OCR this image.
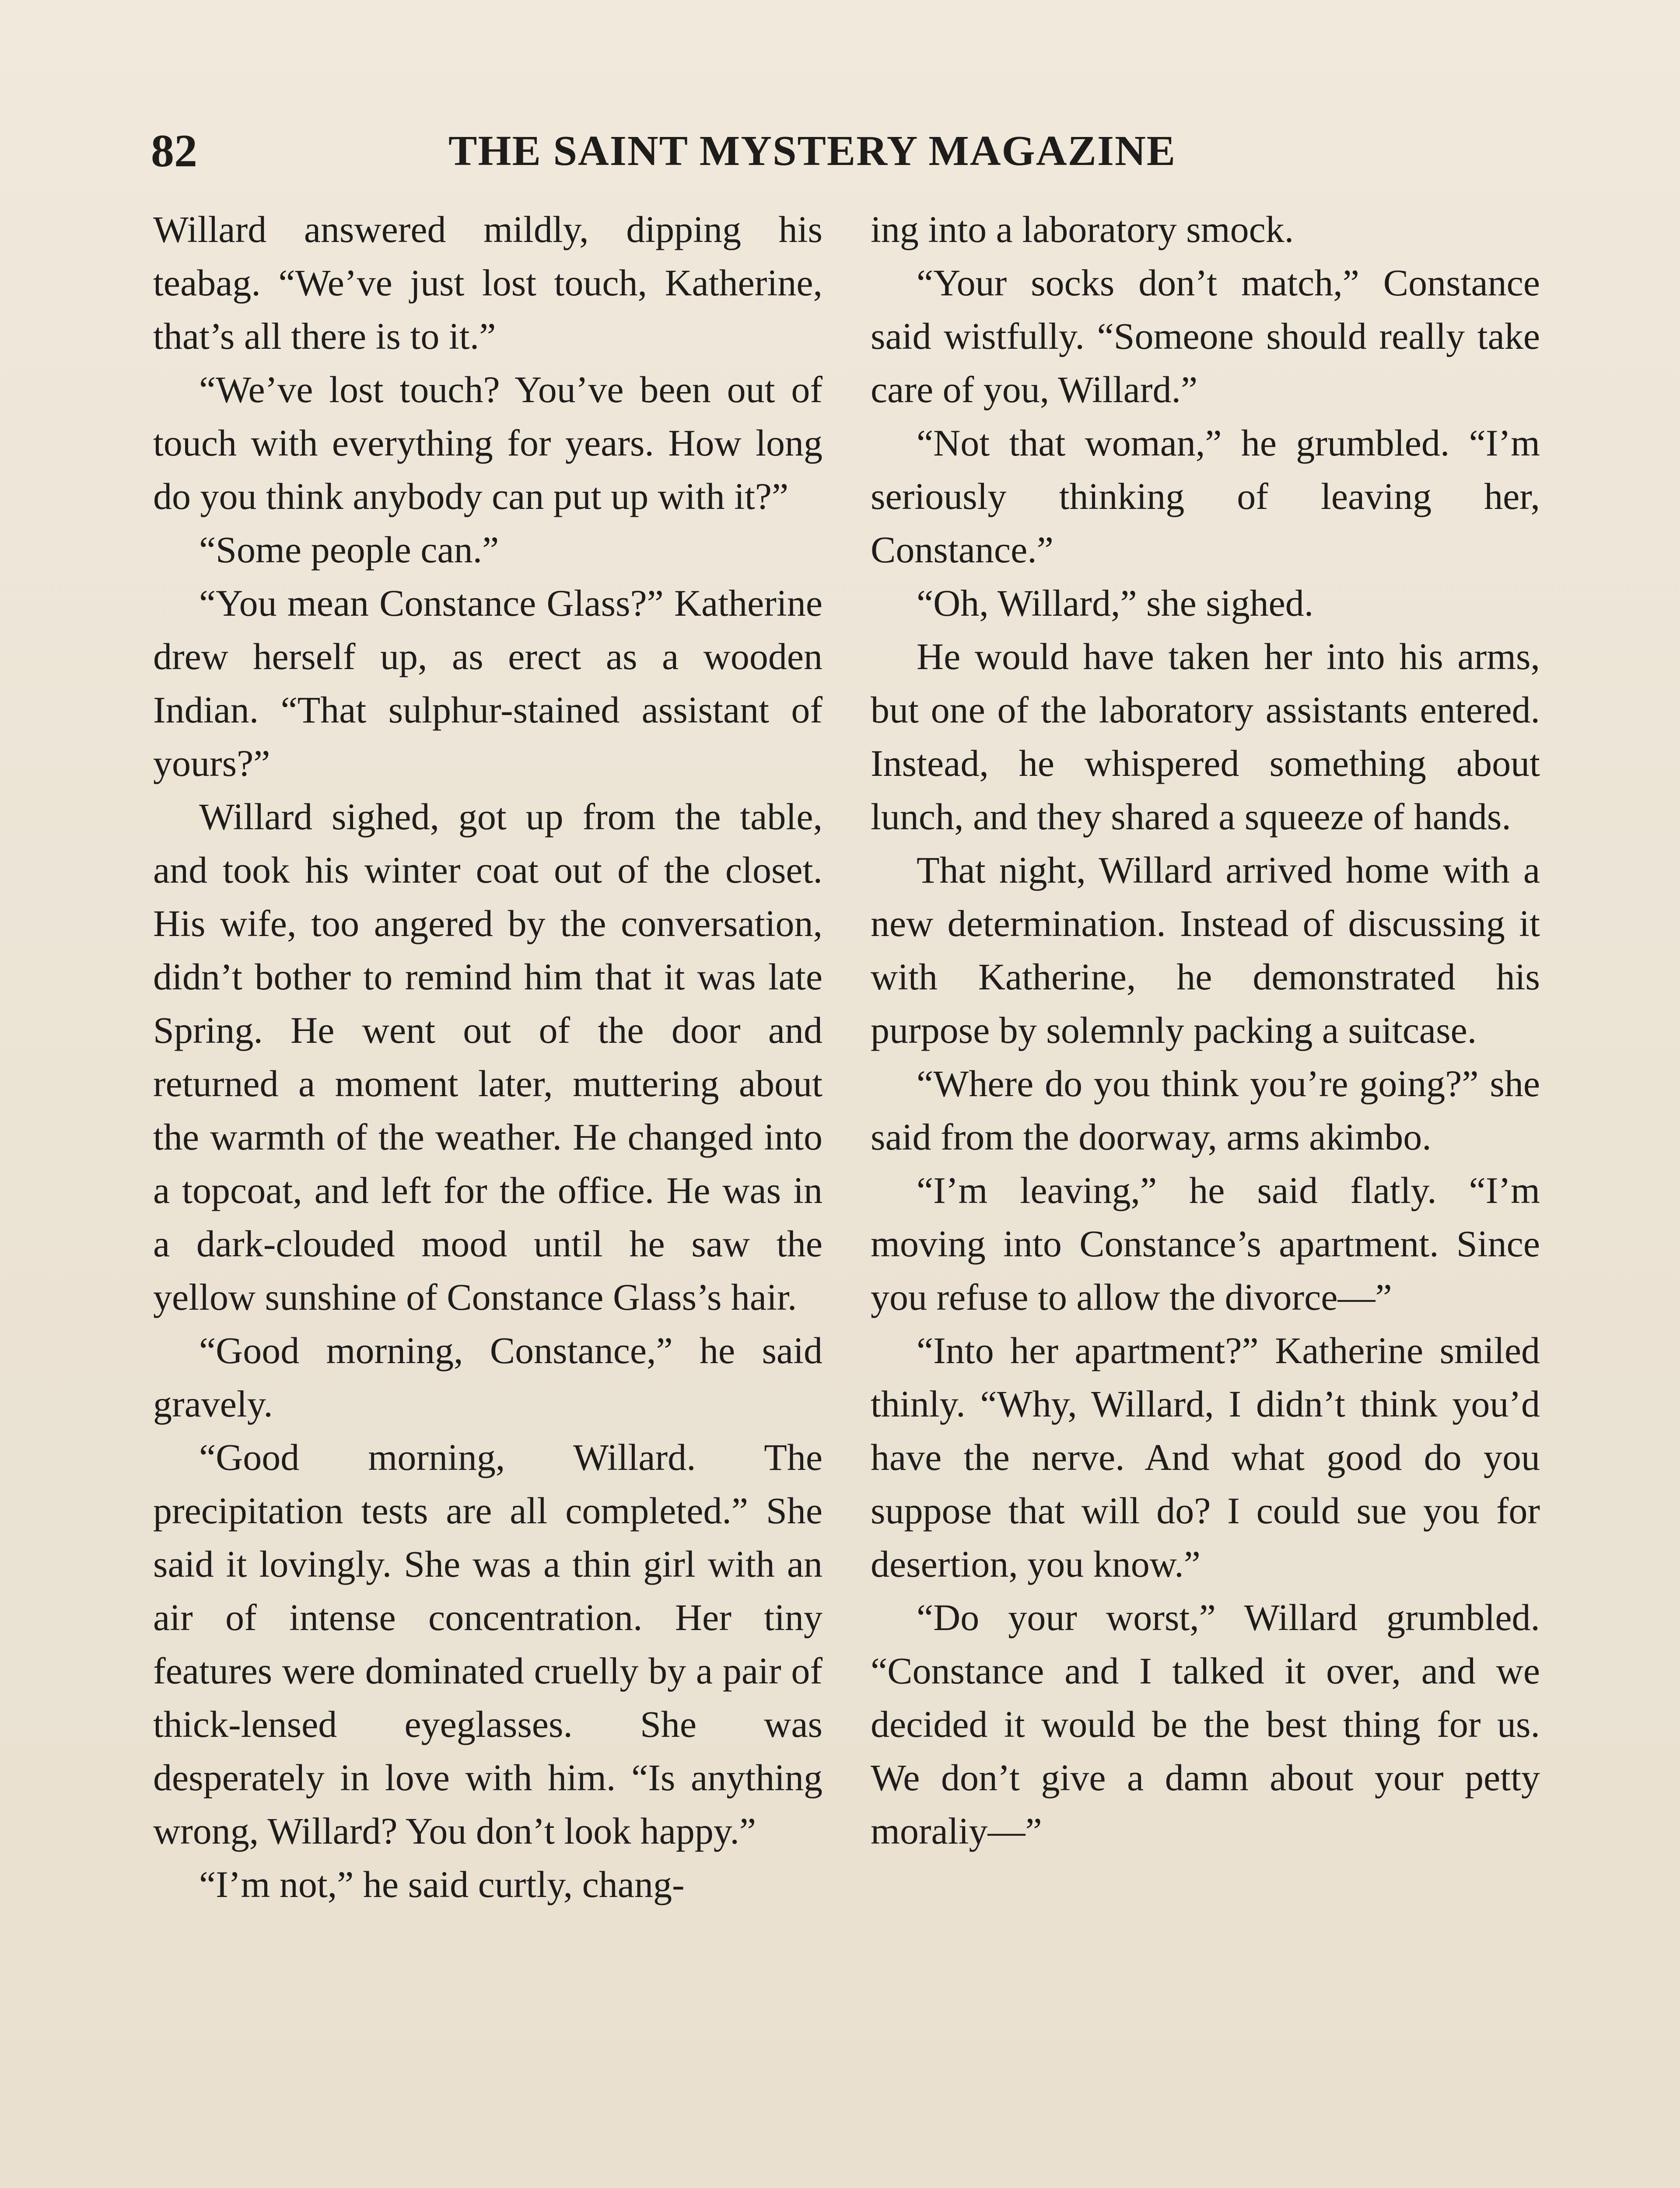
82	THE SAINT MYSTERY MAGAZINE

Willard answered mildly, dipping his teabag. “We’ve just lost touch, Katherine, that’s all there is to it.”

“We’ve lost touch? You’ve been out of touch with everything for years. How long do you think anybody can put up with it?”

“Some people can.”

“You mean Constance Glass?” Katherine drew herself up, as erect as a wooden Indian. “That sulphur-stained assistant of yours?”

Willard sighed, got up from the table, and took his winter coat out of the closet. His wife, too angered by the conversation, didn’t bother to remind him that it was late Spring. He went out of the door and returned a moment later, muttering about the warmth of the weather. He changed into a topcoat, and left for the office. He was in a dark-clouded mood until he saw the yellow sunshine of Constance Glass’s hair.

“Good morning, Constance,” he said gravely.

“Good morning, Willard. The precipitation tests are all completed.” She said it lovingly. She was a thin girl with an air of intense concentration. Her tiny features were dominated cruelly by a pair of thick-lensed eyeglasses. She was desperately in love with him. “Is anything wrong, Willard? You don’t look happy.”

“I’m not,” he said curtly, chang-

ing into a laboratory smock.

“Your socks don’t match,” Constance said wistfully. “Someone should really take care of you, Willard.”

“Not that woman,” he grumbled. “I’m seriously thinking of leaving her, Constance.”

“Oh, Willard,” she sighed.

He would have taken her into his arms, but one of the laboratory assistants entered. Instead, he whispered something about lunch, and they shared a squeeze of hands.

That night, Willard arrived home with a new determination. Instead of discussing it with Katherine, he demonstrated his purpose by solemnly packing a suitcase.

“Where do you think you’re going?” she said from the doorway, arms akimbo.

“I’m leaving,” he said flatly. “I’m moving into Constance’s apartment. Since you refuse to allow the divorce—”

“Into her apartment?” Katherine smiled thinly. “Why, Willard, I didn’t think you’d have the nerve. And what good do you suppose that will do? I could sue you for desertion, you know.”

“Do your worst,” Willard grumbled. “Constance and I talked it over, and we decided it would be the best thing for us. We don’t give a damn about your petty moraliy—”
